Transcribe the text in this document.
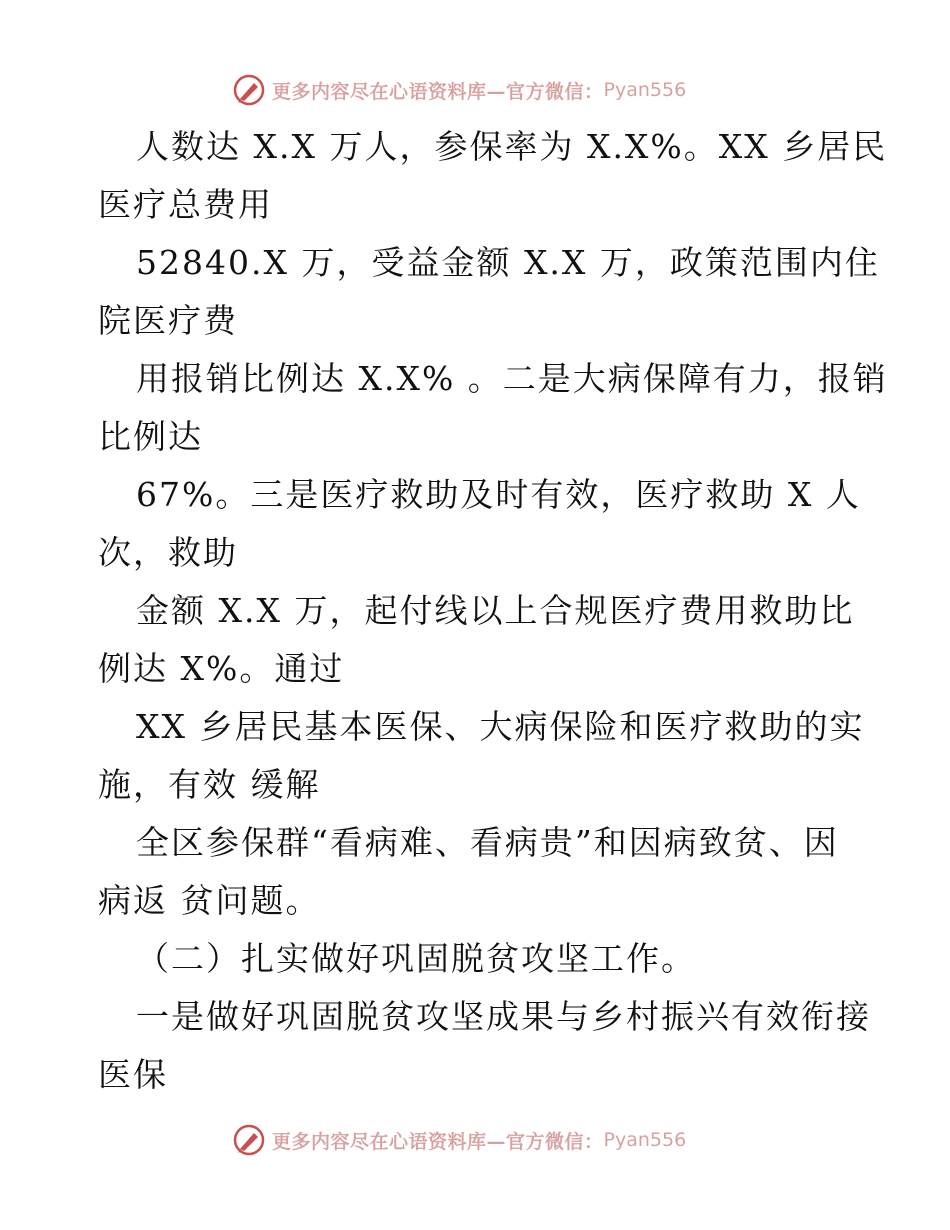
更多内容尽在心语资料库—官方微信： Pyan556
人数达 X.X 万人，参保率为 X.X%。XX 乡居民
医疗总费用
52840.X 万，受益金额 X.X 万，政策范围内住
院医疗费
用报销比例达 X.X% 。二是大病保障有力，报销
比例达
67%。三是医疗救助及时有效，医疗救助 X 人
次，救助
金额 X.X 万，起付线以上合规医疗费用救助比
例达 X%。通过
XX 乡居民基本医保、大病保险和医疗救助的实
施，有效 缓解
全区参保群“看病难、看病贵”和因病致贫、因
病返 贫问题。
（二）扎实做好巩固脱贫攻坚工作。
一是做好巩固脱贫攻坚成果与乡村振兴有效衔接
医保
更多内容尽在心语资料库—官方微信： Pyan556
